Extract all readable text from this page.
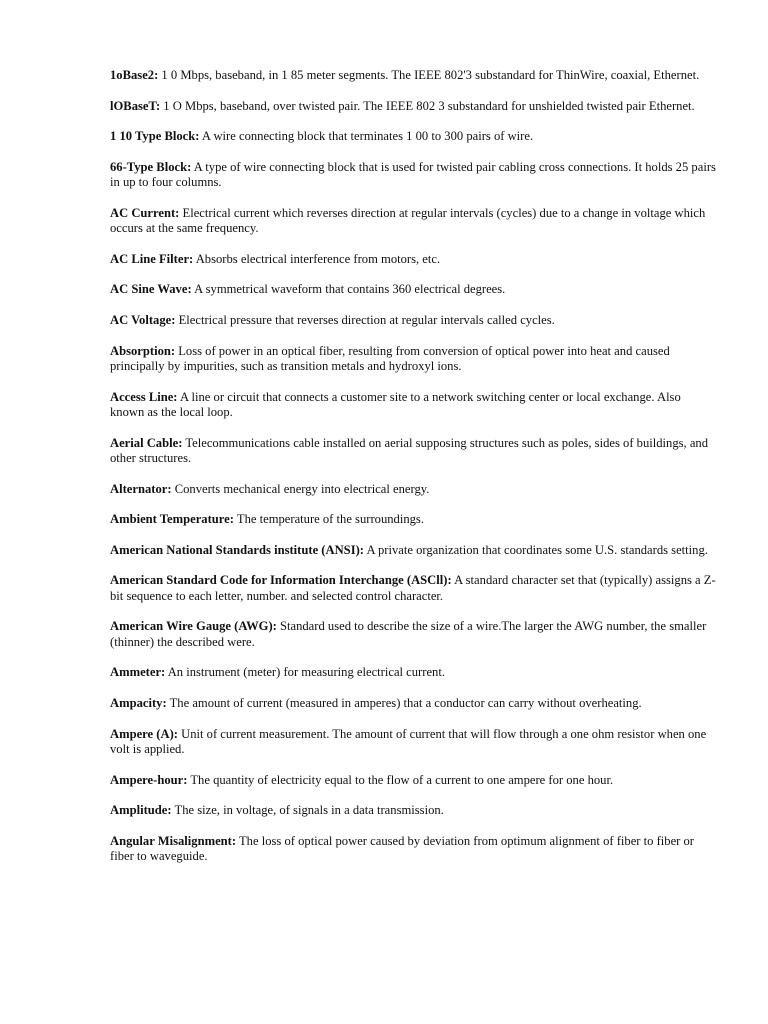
1oBase2: 1 0 Mbps, baseband, in 1 85 meter segments. The IEEE 802'3 substandard for ThinWire, coaxial, Ethernet.

lOBaseT: 1 O Mbps, baseband, over twisted pair. The IEEE 802 3 substandard for unshielded twisted pair Ethernet.

1 10 Type Block: A wire connecting block that terminates 1 00 to 300 pairs of wire.

66-Type Block: A type of wire connecting block that is used for twisted pair cabling cross connections. It holds 25 pairs in up to four columns.

AC Current: Electrical current which reverses direction at regular intervals (cycles) due to a change in voltage which occurs at the same frequency.

AC Line Filter: Absorbs electrical interference from motors, etc.

AC Sine Wave: A symmetrical waveform that contains 360 electrical degrees.

AC Voltage: Electrical pressure that reverses direction at regular intervals called cycles.

Absorption: Loss of power in an optical fiber, resulting from conversion of optical power into heat and caused principally by impurities, such as transition metals and hydroxyl ions.

Access Line: A line or circuit that connects a customer site to a network switching center or local exchange. Also known as the local loop.

Aerial Cable: Telecommunications cable installed on aerial supposing structures such as poles, sides of buildings, and other structures.

Alternator: Converts mechanical energy into electrical energy.

Ambient Temperature: The temperature of the surroundings.

American National Standards institute (ANSI): A private organization that coordinates some U.S. standards setting.

American Standard Code for Information Interchange (ASCll): A standard character set that (typically) assigns a Z-bit sequence to each letter, number. and selected control character.

American Wire Gauge (AWG): Standard used to describe the size of a wire.The larger the AWG number, the smaller (thinner) the described were.

Ammeter: An instrument (meter) for measuring electrical current.

Ampacity: The amount of current (measured in amperes) that a conductor can carry without overheating.

Ampere (A): Unit of current measurement. The amount of current that will flow through a one ohm resistor when one volt is applied.

Ampere-hour: The quantity of electricity equal to the flow of a current to one ampere for one hour.

Amplitude: The size, in voltage, of signals in a data transmission.

Angular Misalignment: The loss of optical power caused by deviation from optimum alignment of fiber to fiber or fiber to waveguide.
